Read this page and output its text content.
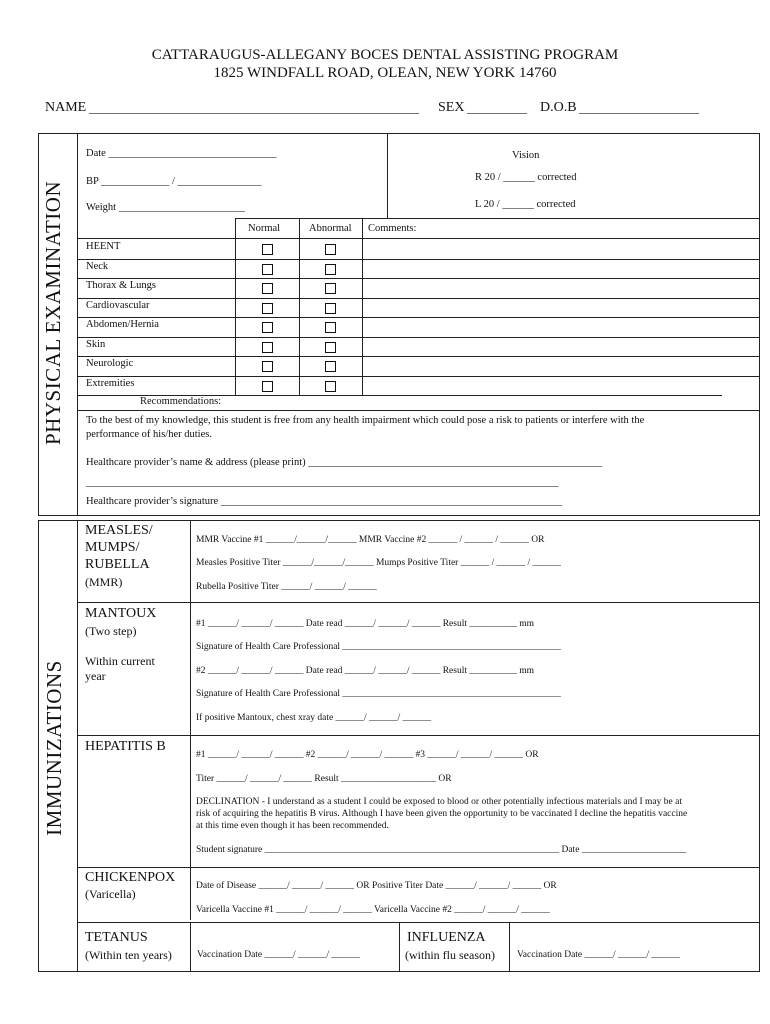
CATTARAUGUS-ALLEGANY BOCES DENTAL ASSISTING PROGRAM
1825 WINDFALL ROAD, OLEAN, NEW YORK 14760
NAME _______________________________________________________ SEX __________ D.O.B ____________________
PHYSICAL EXAMINATION
Date ________________________________
BP _____________ / ________________
Weight ________________________
Vision
R 20 / ______ corrected
L 20 / ______ corrected
Normal	Abnormal Comments:
HEENT
Neck
Thorax & Lungs
Cardiovascular
Abdomen/Hernia
Skin
Neurologic
Extremities
Recommendations:
To the best of my knowledge, this student is free from any health impairment which could pose a risk to patients or interfere with the
performance of his/her duties.
Healthcare provider’s name & address (please print) ________________________________________________________
__________________________________________________________________________________________
Healthcare provider’s signature _________________________________________________________________
IMMUNIZATIONS
MEASLES/
MUMPS/
RUBELLA
(MMR)
MMR Vaccine #1 ______/______/______ MMR Vaccine #2 ______ / ______ / ______ OR
Measles Positive Titer ______/______/______ Mumps Positive Titer ______ / ______ / ______
Rubella Positive Titer ______/ ______/ ______
MANTOUX
(Two step)
Within current
year
#1 ______/ ______/ ______ Date read ______/ ______/ ______ Result __________ mm
Signature of Health Care Professional ______________________________________________
#2 ______/ ______/ ______ Date read ______/ ______/ ______ Result __________ mm
Signature of Health Care Professional ______________________________________________
If positive Mantoux, chest xray date ______/ ______/ ______
HEPATITIS B
#1 ______/ ______/ ______ #2 ______/ ______/ ______ #3 ______/ ______/ ______ OR
Titer ______/ ______/ ______ Result ____________________ OR
DECLINATION - I understand as a student I could be exposed to blood or other potentially infectious materials and I may be at
risk of acquiring the hepatitis B virus. Although I have been given the opportunity to be vaccinated I decline the hepatitis vaccine
at this time even though it has been recommended.
Student signature ______________________________________________________________ Date ______________________
CHICKENPOX
(Varicella)
Date of Disease ______/ ______/ ______ OR Positive Titer Date ______/ ______/ ______ OR
Varicella Vaccine #1 ______/ ______/ ______ Varicella Vaccine #2 ______/ ______/ ______
TETANUS
(Within ten years)	Vaccination Date ______/ ______/ ______
INFLUENZA
(within flu season) Vaccination Date ______/ ______/ ______
